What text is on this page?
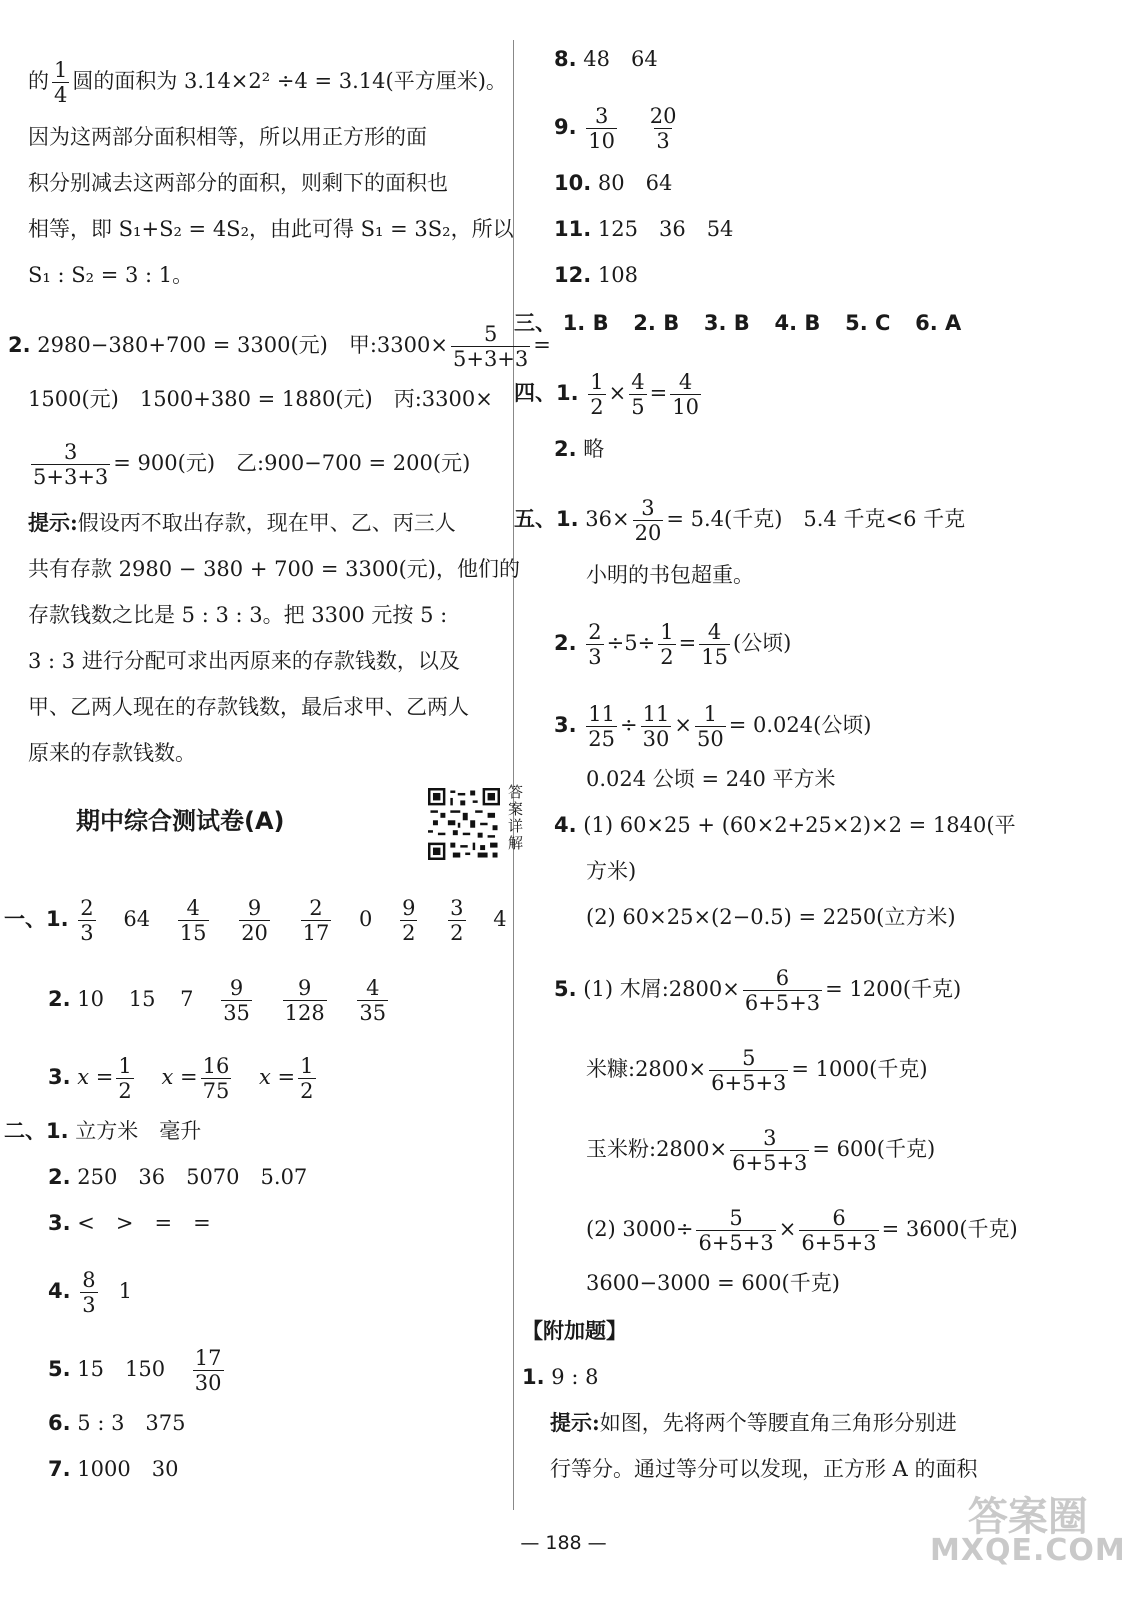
的 $\frac{1}{4}$ 圆的面积为 3.14×2² ÷4 = 3.14(平方厘米)。
因为这两部分面积相等，所以用正方形的面
积分别减去这两部分的面积，则剩下的面积也
相等，即 S₁+S₂ = 4S₂，由此可得 S₁ = 3S₂，所以
S₁ : S₂ = 3 : 1。
2. 2980−380+700 = 3300(元)　甲:3300× $\frac{5}{5+3+3}$ =
1500(元)　1500+380 = 1880(元)　丙:3300×
$\frac{3}{5+3+3} = 900$(元)　乙:900−700 = 200(元)
提示:假设丙不取出存款，现在甲、乙、丙三人
共有存款 2980 − 380 + 700 = 3300(元)，他们的
存款钱数之比是 5 : 3 : 3。把 3300 元按 5 :
3 : 3 进行分配可求出丙原来的存款钱数，以及
甲、乙两人现在的存款钱数，最后求甲、乙两人
原来的存款钱数。
期中综合测试卷(A)
答案详解
一、1. $\frac{2}{3} 64 \frac{4}{15}$
$\frac{9}{20}$
$\frac{2}{17} 0 \frac{9}{2}$
$\frac{3}{2} 4$
2. 10 15 $7 \frac{9}{35}$
$\frac{9}{128}$
$\frac{4}{35}$
3. $x = \frac{1}{2}$ $x = \frac{16}{75}$ $x = \frac{1}{2}$
二、1. 立方米　毫升
2. 250　36　5070　5.07
3. <　>　=　=
4. $\frac{8}{3} 1$
5. 15　$150 \frac{17}{30}$
6. 5 : 3　375
7. 1000　30
8. 48　64
9. $\frac{3}{10}$
$\frac{20}{3}$
10. 80　64
11. 125　36　54
12. 108
三、 1. B 2. B 3. B 4. B 5. C 6. A
四、1. $\frac{1}{2} \times \frac{4}{5} = \frac{4}{10}$
2. 略
五、1. $36\times \frac{3}{20} = 5.4$(千克)　5.4 千克<6 千克
小明的书包超重。
2. $\frac{2}{3} \div 5\div \frac{1}{2} = \frac{4}{15}$ (公顷)
3. $\frac{11}{25} \div \frac{11}{30} \times \frac{1}{50} = 0.024$(公顷)
0.024 公顷 = 240 平方米
4. (1) 60×25 + (60×2+25×2)×2 = 1840(平
方米)
(2) 60×25×(2−0.5) = 2250(立方米)
5. (1) 木屑:2800× $\frac{6}{6+5+3} = 1200$(千克)
米糠:2800× $\frac{5}{6+5+3} = 1000$(千克)
玉米粉:2800× $\frac{3}{6+5+3} = 600$(千克)
(2) $3000\div \frac{5}{6+5+3} \times \frac{6}{6+5+3} = 3600$(千克)
3600−3000 = 600(千克)
【附加题】
1. 9 : 8
提示:如图，先将两个等腰直角三角形分别进
行等分。通过等分可以发现，正方形 A 的面积
— 188 —
答案圈
MXQE.COM
